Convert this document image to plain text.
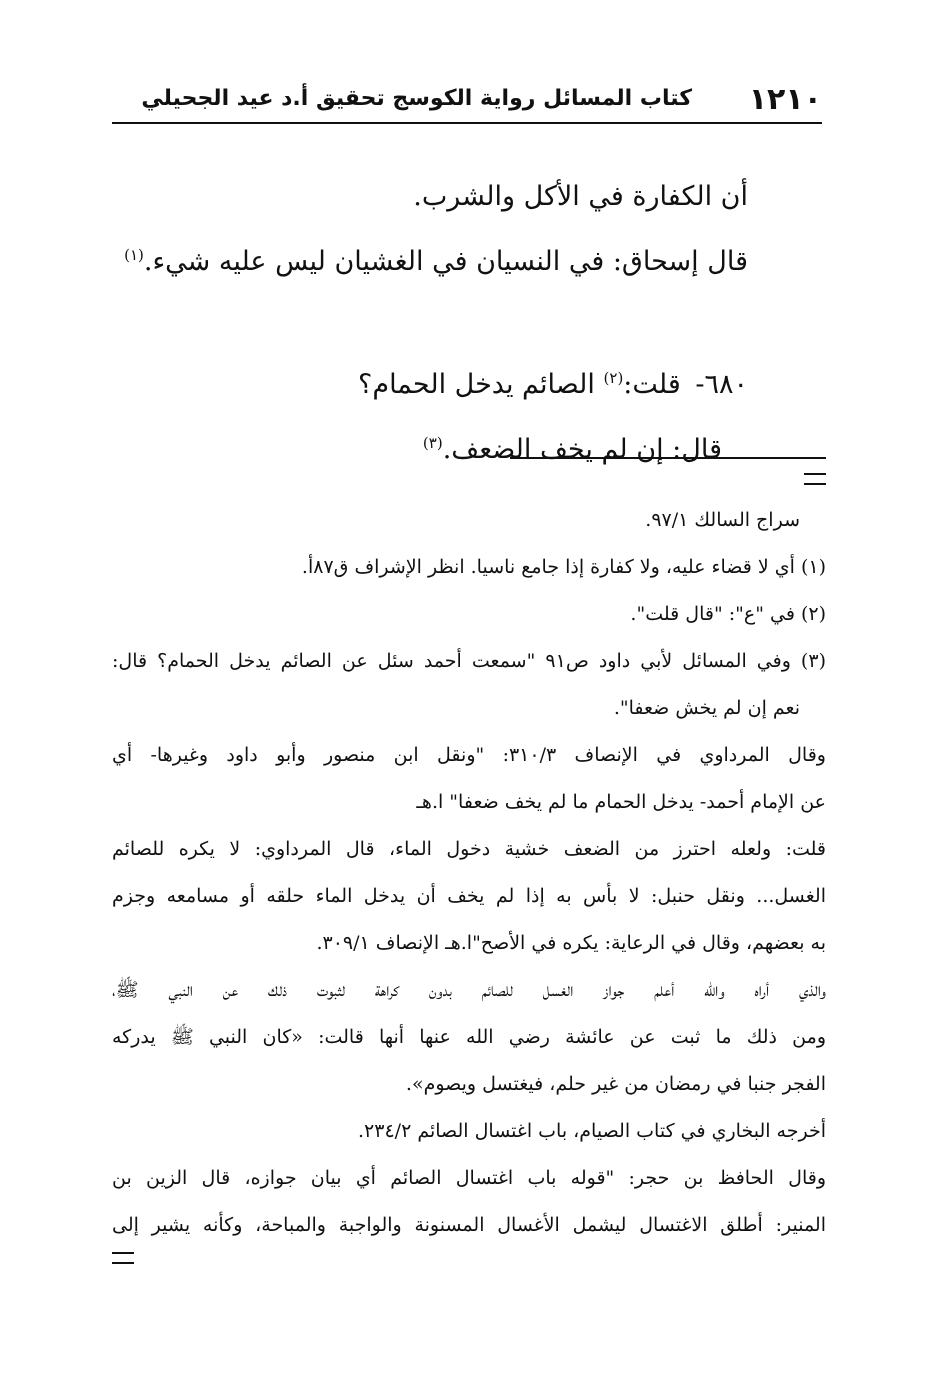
١٢١٠
كتاب المسائل رواية الكوسج تحقيق أ.د عيد الجحيلي
أن الكفارة في الأكل والشرب.
قال إسحاق: في النسيان في الغشيان ليس عليه شيء.$^{(١)}$
٦٨٠- قلت:$^{(٢)}$ الصائم يدخل الحمام؟
قال: إن لم يخف الضعف.$^{(٣)}$
سراج السالك ٩٧/١.
(١) أي لا قضاء عليه، ولا كفارة إذا جامع ناسيا. انظر الإشراف ق٨٧أ.
(٢) في "ع": "قال قلت".
(٣) وفي المسائل لأبي داود ص٩١ "سمعت أحمد سئل عن الصائم يدخل الحمام؟ قال:
نعم إن لم يخش ضعفا".
وقال المرداوي في الإنصاف ٣١٠/٣: "ونقل ابن منصور وأبو داود وغيرها- أي
عن الإمام أحمد- يدخل الحمام ما لم يخف ضعفا" ا.هـ
قلت: ولعله احترز من الضعف خشية دخول الماء، قال المرداوي: لا يكره للصائم
الغسل... ونقل حنبل: لا بأس به إذا لم يخف أن يدخل الماء حلقه أو مسامعه وجزم
به بعضهم، وقال في الرعاية: يكره في الأصح"ا.هـ الإنصاف ٣٠٩/١.
والذي أراه والله أعلم جواز الغسل للصائم بدون كراهة لثبوت ذلك عن النبي ﷺ،
ومن ذلك ما ثبت عن عائشة رضي الله عنها أنها قالت: «كان النبي ﷺ يدركه
الفجر جنبا في رمضان من غير حلم، فيغتسل ويصوم».
أخرجه البخاري في كتاب الصيام، باب اغتسال الصائم ٢٣٤/٢.
وقال الحافظ بن حجر: "قوله باب اغتسال الصائم أي بيان جوازه، قال الزين بن
المنير: أطلق الاغتسال ليشمل الأغسال المسنونة والواجبة والمباحة، وكأنه يشير إلى
